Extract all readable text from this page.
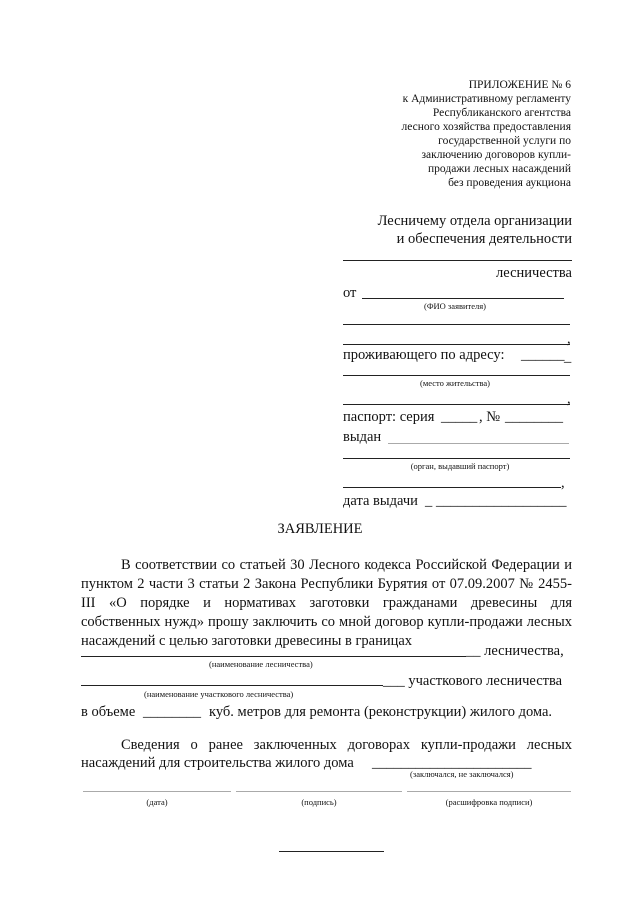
ПРИЛОЖЕНИЕ № 6
к Административному регламенту
Республиканского агентства
лесного хозяйства предоставления
государственной услуги по
заключению договоров купли-
продажи лесных насаждений
без проведения аукциона
Лесничему отдела организации
и обеспечения деятельности
лесничества
от
(ФИО заявителя)
,
проживающего по адресу: ______ _
(место жительства)
,
паспорт: серия _____ , № ________
выдан
(орган, выдавший паспорт)
,
дата выдачи _ __________________
ЗАЯВЛЕНИЕ
В соответствии со статьей 30 Лесного кодекса Российской Федерации и пунктом 2 части 3 статьи 2 Закона Республики Бурятия от 07.09.2007 № 2455-III «О порядке и нормативах заготовки гражданами древесины для собственных нужд» прошу заключить со мной договор купли-продажи лесных насаждений с целью заготовки древесины в границах
__ лесничества,
(наименование лесничества)
___ участкового лесничества
(наименование участкового лесничества)
в объеме ________ куб. метров для ремонта (реконструкции) жилого дома.
Сведения о ранее заключенных договорах купли-продажи лесных
насаждений для строительства жилого дома ______________________
(заключался, не заключался)
(дата)	(подпись)	(расшифровка подписи)
